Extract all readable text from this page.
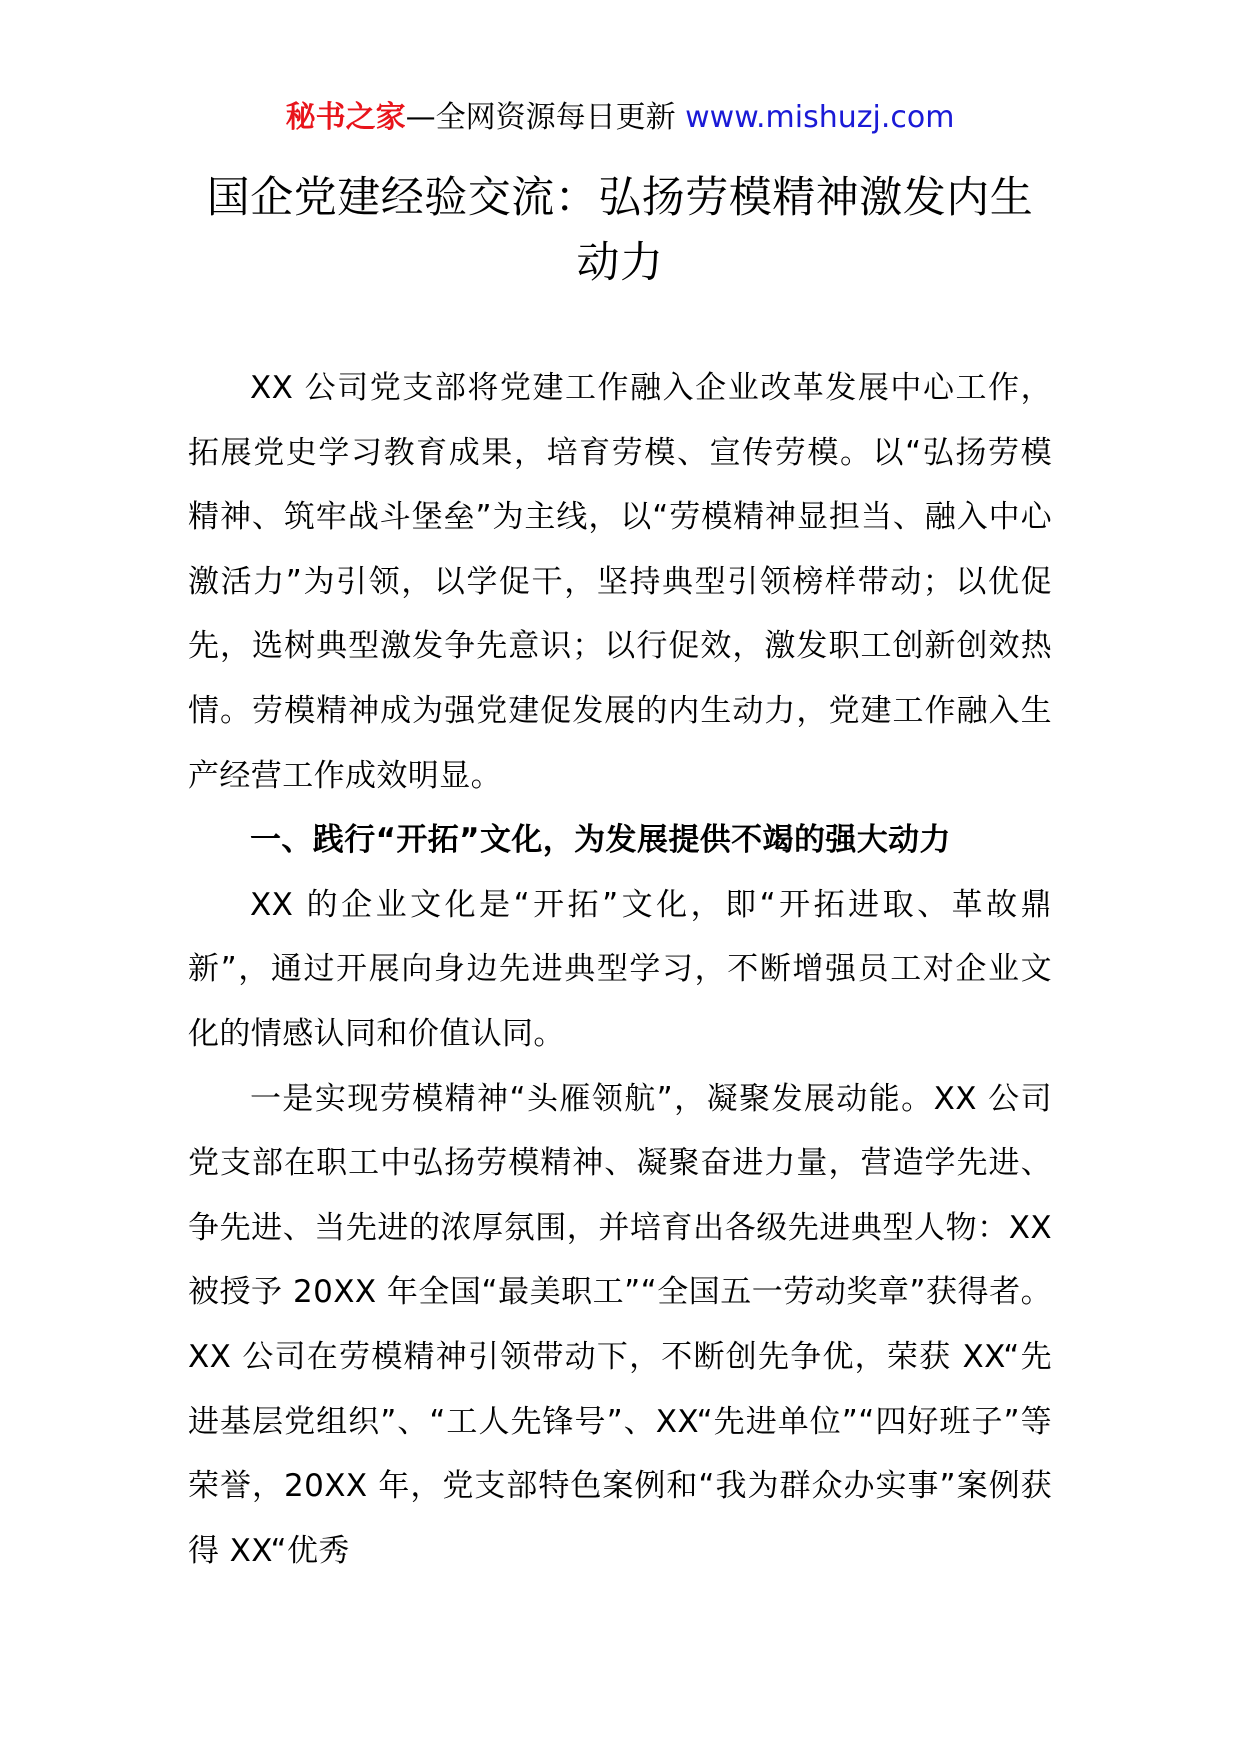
秘书之家—全网资源每日更新 www.mishuzj.com
国企党建经验交流：弘扬劳模精神激发内生动力

XX 公司党支部将党建工作融入企业改革发展中心工作，拓展党史学习教育成果，培育劳模、宣传劳模。以“弘扬劳模精神、筑牢战斗堡垒”为主线，以“劳模精神显担当、融入中心激活力”为引领，以学促干，坚持典型引领榜样带动；以优促先，选树典型激发争先意识；以行促效，激发职工创新创效热情。劳模精神成为强党建促发展的内生动力，党建工作融入生产经营工作成效明显。

一、践行“开拓”文化，为发展提供不竭的强大动力

XX 的企业文化是“开拓”文化，即“开拓进取、革故鼎新”，通过开展向身边先进典型学习，不断增强员工对企业文化的情感认同和价值认同。

一是实现劳模精神“头雁领航”，凝聚发展动能。XX 公司党支部在职工中弘扬劳模精神、凝聚奋进力量，营造学先进、争先进、当先进的浓厚氛围，并培育出各级先进典型人物：XX 被授予 20XX 年全国“最美职工”“全国五一劳动奖章”获得者。XX 公司在劳模精神引领带动下，不断创先争优，荣获 XX“先进基层党组织”、“工人先锋号”、XX“先进单位”“四好班子”等荣誉，20XX 年，党支部特色案例和“我为群众办实事”案例获得 XX“优秀
